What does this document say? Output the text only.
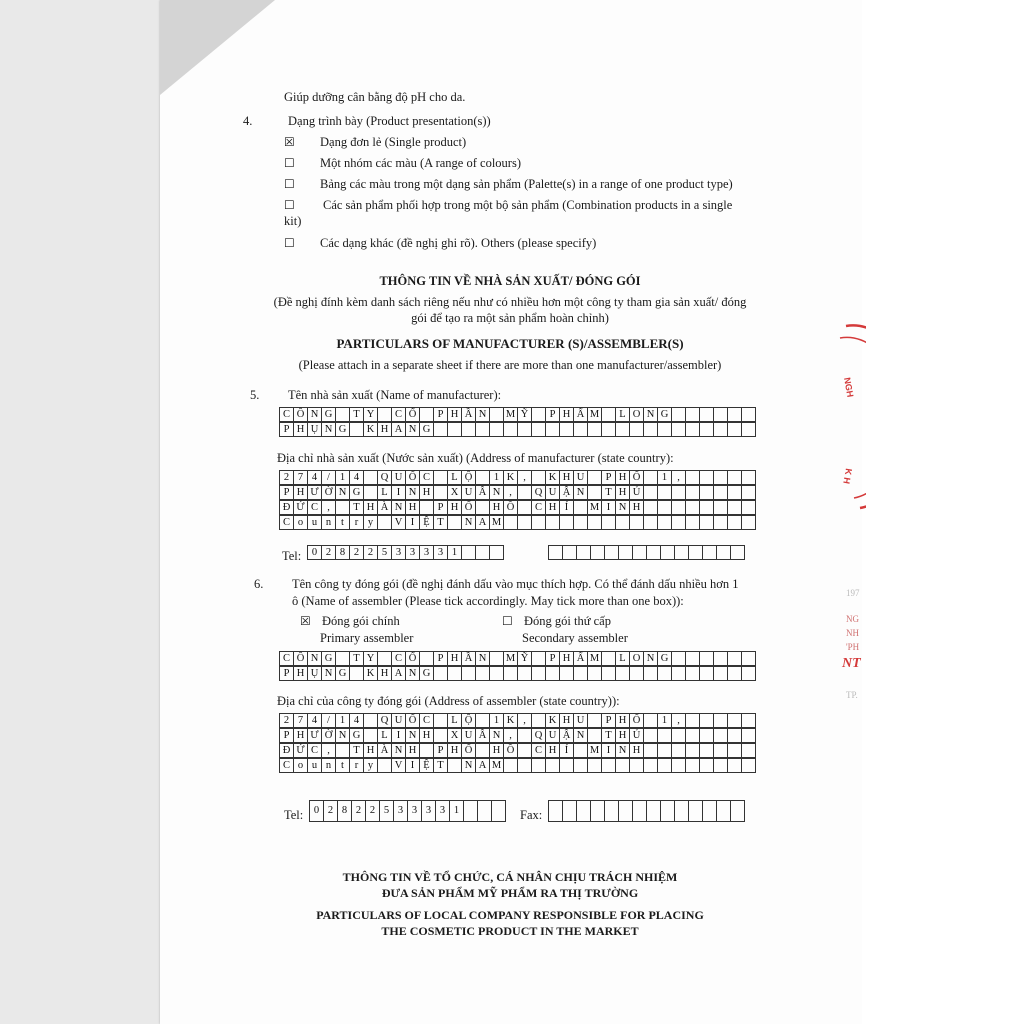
Giúp dưỡng cân bằng độ pH cho da.
4.	Dạng trình bày (Product presentation(s))
☒ Dạng đơn lẻ (Single product)
☐ Một nhóm các màu (A range of colours)
☐ Bảng các màu trong một dạng sản phẩm (Palette(s) in a range of one product type)
☐ Các sản phẩm phối hợp trong một bộ sản phẩm (Combination products in a single
kit)
☐ Các dạng khác (đề nghị ghi rõ). Others (please specify)
THÔNG TIN VỀ NHÀ SẢN XUẤT/ ĐÓNG GÓI
(Đề nghị đính kèm danh sách riêng nếu như có nhiều hơn một công ty tham gia sản xuất/ đóng
gói để tạo ra một sản phẩm hoàn chỉnh)
PARTICULARS OF MANUFACTURER (S)/ASSEMBLER(S)
(Please attach in a separate sheet if there are more than one manufacturer/assembler)
5. Tên nhà sản xuất (Name of manufacturer):
C Ô N G	T Y	C Ổ	P H Ầ N	M Ỹ	P H Ẩ M	L O N G
P H Ụ N G	K H A N G
Địa chỉ nhà sản xuất (Nước sản xuất) (Address of manufacturer (state country):
2 7 4 / 1 4	Q U Ố C	L Ộ	1 K ,	K H U	P H Ố	1 ,
P H Ư Ờ N G	L I N H	X U Â N ,	Q U Ậ N	T H Ủ
Đ Ứ C ,	T H À N H	P H Ố	H Ồ	C H Í	M I N H
C o u n t	r y	V I Ệ T	N A M
Tel:	0 2 8 2 2 5 3 3 3 3 1
6. Tên công ty đóng gói (đề nghị đánh dấu vào mục thích hợp. Có thể đánh dấu nhiều hơn 1
ô (Name of assembler (Please tick accordingly. May tick more than one box)):
☒ Đóng gói chính
Primary assembler
☐ Đóng gói thứ cấp
Secondary assembler
C Ô N G	T Y	C Ổ	P H Ầ N	M Ỹ	P H Ẩ M	L O N G
P H Ụ N G	K H A N G
Địa chỉ của công ty đóng gói (Address of assembler (state country)):
2 7 4 / 1 4	Q U Ố C	L Ộ	1 K ,	K H U	P H Ố	1 ,
P H Ư Ờ N G	L I N H	X U Â N ,	Q U Ậ N	T H Ủ
Đ Ứ C ,	T H À N H	P H Ố	H Ồ	C H Í	M I N H
C o u n t	r y	V I Ệ T	N A M
Tel:	0 2 8 2 2 5 3 3 3 3 1	Fax:
THÔNG TIN VỀ TỔ CHỨC, CÁ NHÂN CHỊU TRÁCH NHIỆM
ĐƯA SẢN PHẨM MỸ PHẨM RA THỊ TRƯỜNG
PARTICULARS OF LOCAL COMPANY RESPONSIBLE FOR PLACING
THE COSMETIC PRODUCT IN THE MARKET
NGH
K H
197
NG
NH
'PH
NT
TP.
